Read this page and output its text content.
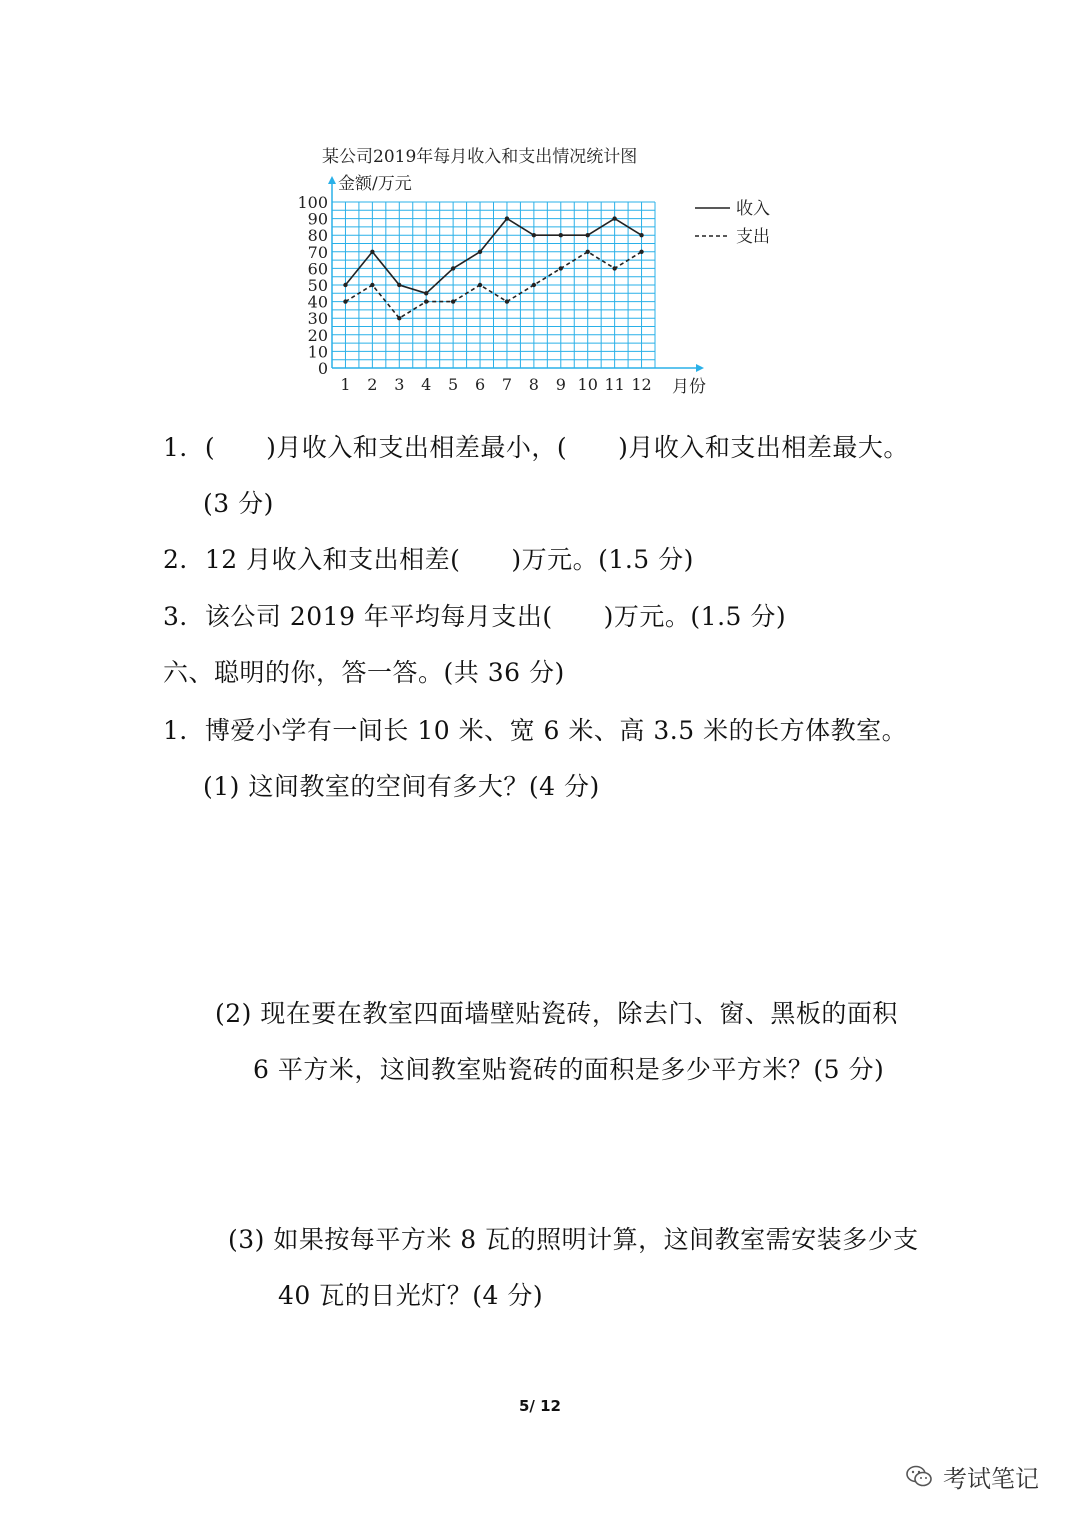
某公司2019年每月收入和支出情况统计图
金额/万元
0
10
20
30
40
50
60
70
80
90
100
1 2 3 4 5 6 7 8 9 10 11 12 月份
收入
支出
1．(　　)月收入和支出相差最小，(　　)月收入和支出相差最大。
(3 分)
2．12 月收入和支出相差(　　)万元。(1.5 分)
3．该公司 2019 年平均每月支出(　　)万元。(1.5 分)
六、聪明的你，答一答。(共 36 分)
1．博爱小学有一间长 10 米、宽 6 米、高 3.5 米的长方体教室。
(1) 这间教室的空间有多大？(4 分)
(2) 现在要在教室四面墙壁贴瓷砖，除去门、窗、黑板的面积
6 平方米，这间教室贴瓷砖的面积是多少平方米？(5 分)
(3) 如果按每平方米 8 瓦的照明计算，这间教室需安装多少支
40 瓦的日光灯？(4 分)
5/ 12
考试笔记
